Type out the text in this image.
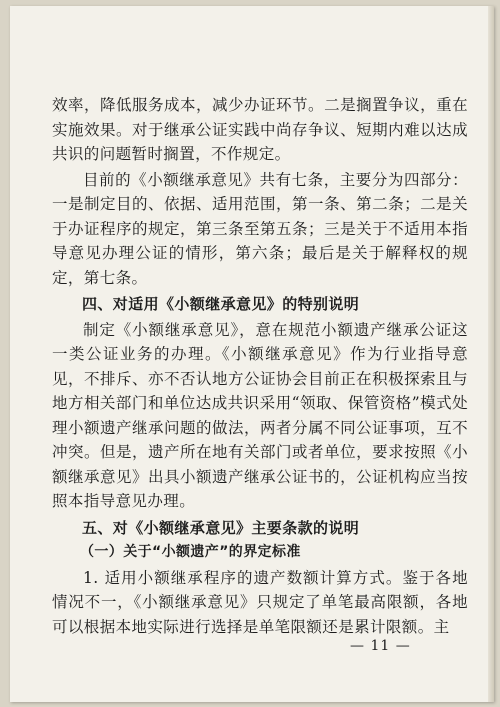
效率，降低服务成本，减少办证环节。二是搁置争议，重在实施效果。对于继承公证实践中尚存争议、短期内难以达成共识的问题暂时搁置，不作规定。

目前的《小额继承意见》共有七条，主要分为四部分：一是制定目的、依据、适用范围，第一条、第二条；二是关于办证程序的规定，第三条至第五条；三是关于不适用本指导意见办理公证的情形，第六条；最后是关于解释权的规定，第七条。

四、对适用《小额继承意见》的特别说明

制定《小额继承意见》，意在规范小额遗产继承公证这一类公证业务的办理。《小额继承意见》作为行业指导意见，不排斥、亦不否认地方公证协会目前正在积极探索且与地方相关部门和单位达成共识采用“领取、保管资格”模式处理小额遗产继承问题的做法，两者分属不同公证事项，互不冲突。但是，遗产所在地有关部门或者单位，要求按照《小额继承意见》出具小额遗产继承公证书的，公证机构应当按照本指导意见办理。

五、对《小额继承意见》主要条款的说明

（一）关于“小额遗产”的界定标准

1. 适用小额继承程序的遗产数额计算方式。鉴于各地情况不一，《小额继承意见》只规定了单笔最高限额，各地可以根据本地实际进行选择是单笔限额还是累计限额。主

— 11 —
